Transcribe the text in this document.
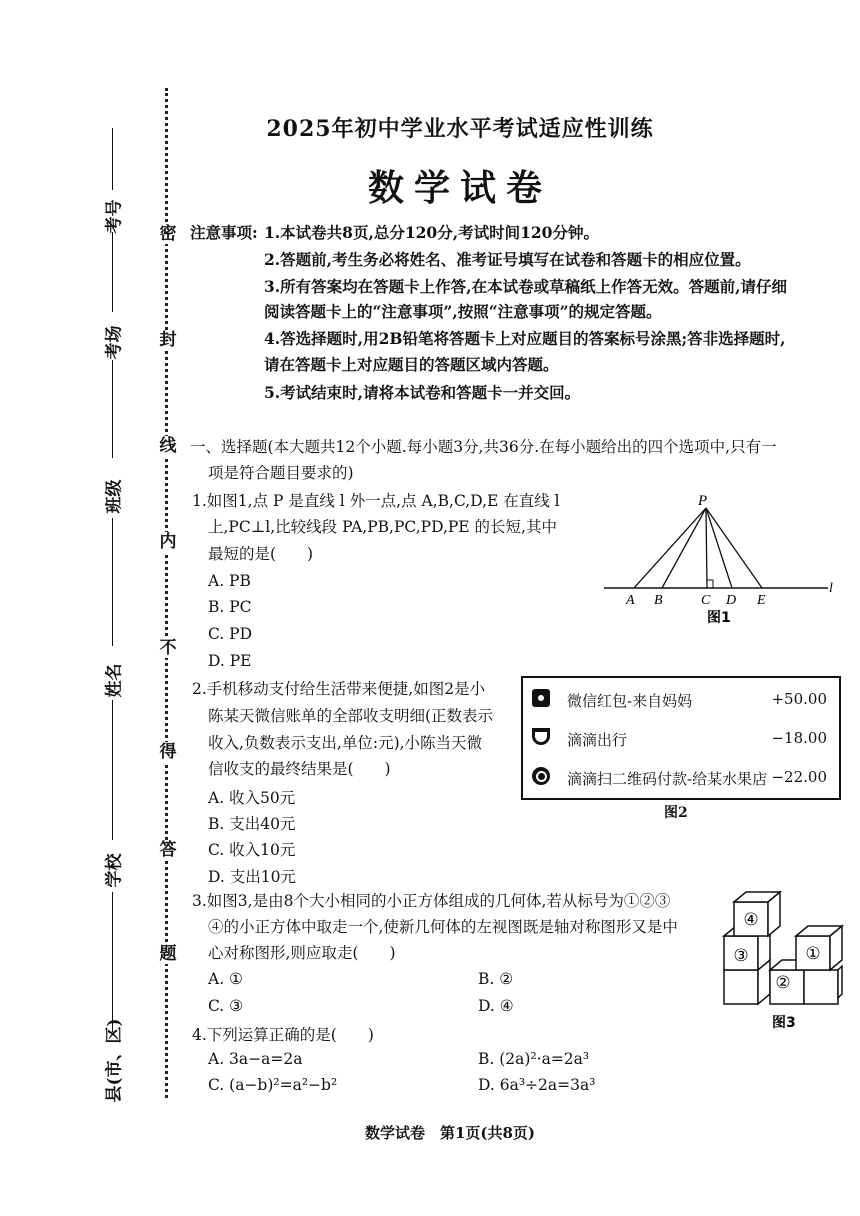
密
封
线
内
不
得
答
题
考号
考场
班级
姓名
学校
县(市、区)
2025年初中学业水平考试适应性训练
数学试卷
注意事项: 1.本试卷共8页,总分120分,考试时间120分钟。
2.答题前,考生务必将姓名、准考证号填写在试卷和答题卡的相应位置。
3.所有答案均在答题卡上作答,在本试卷或草稿纸上作答无效。答题前,请仔细
阅读答题卡上的“注意事项”,按照“注意事项”的规定答题。
4.答选择题时,用2B铅笔将答题卡上对应题目的答案标号涂黑;答非选择题时,
请在答题卡上对应题目的答题区域内答题。
5.考试结束时,请将本试卷和答题卡一并交回。
一、选择题(本大题共12个小题.每小题3分,共36分.在每小题给出的四个选项中,只有一
项是符合题目要求的)
1.如图1,点 P 是直线 l 外一点,点 A,B,C,D,E 在直线 l
上,PC⊥l,比较线段 PA,PB,PC,PD,PE 的长短,其中
最短的是(　　)
A. PB
B. PC
C. PD
D. PE
P
A B	C D E
l
图1
2.手机移动支付给生活带来便捷,如图2是小
陈某天微信账单的全部收支明细(正数表示
收入,负数表示支出,单位:元),小陈当天微
信收支的最终结果是(　　)
A. 收入50元
B. 支出40元
C. 收入10元
D. 支出10元
微信红包-来自妈妈	+50.00
滴滴出行	−18.00
滴滴扫二维码付款-给某水果店 −22.00
图2
3.如图3,是由8个大小相同的小正方体组成的几何体,若从标号为①②③
④的小正方体中取走一个,使新几何体的左视图既是轴对称图形又是中
心对称图形,则应取走(　　)
A. ①	B. ②
C. ③	D. ④
④
①
③
②
图3
4.下列运算正确的是(　　)
A. 3a−a=2a	B. (2a)²·a=2a³
C. (a−b)²=a²−b²	D. 6a³÷2a=3a³
数学试卷　第1页(共8页)
